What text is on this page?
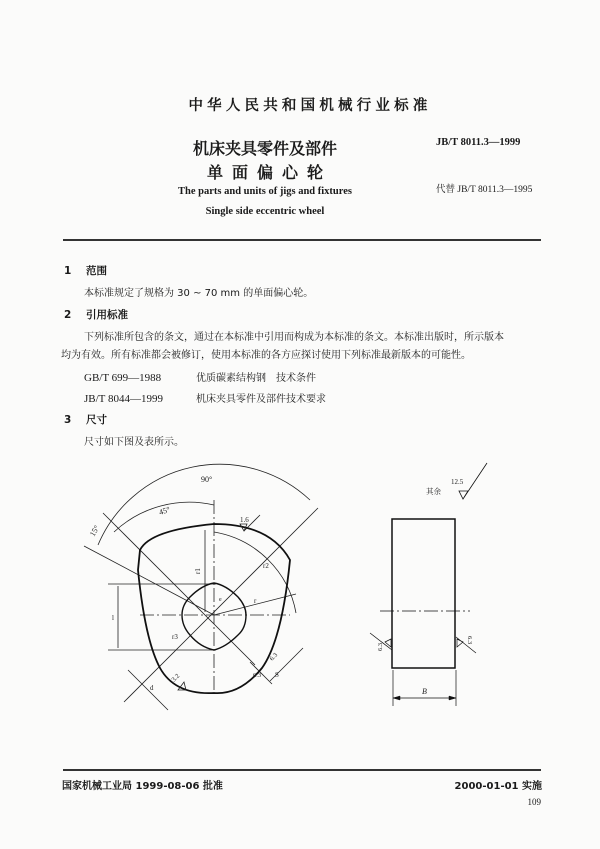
中华人民共和国机械行业标准
机床夹具零件及部件
单面偏心轮
The parts and units of jigs and fixtures
Single side eccentric wheel
JB/T 8011.3—1999
代替 JB/T 8011.3—1995
1 范围
本标准规定了规格为 30 ~ 70 mm 的单面偏心轮。
2 引用标准
下列标准所包含的条文，通过在本标准中引用而构成为本标准的条文。本标准出版时，所示版本
均为有效。所有标准都会被修订，使用本标准的各方应探讨使用下列标准最新版本的可能性。
GB/T 699—1988	优质碳素结构钢　技术条件
JB/T 8044—1999	机床夹具零件及部件技术要求
3 尺寸
尺寸如下图及表所示。
90°
45°
15°
1.6
r1
r2
r3
r
e
l
d
3.2
6.3
6.3 S
其余
12.5
6.3
6.3
B
国家机械工业局 1999-08-06 批准	2000-01-01 实施
109
